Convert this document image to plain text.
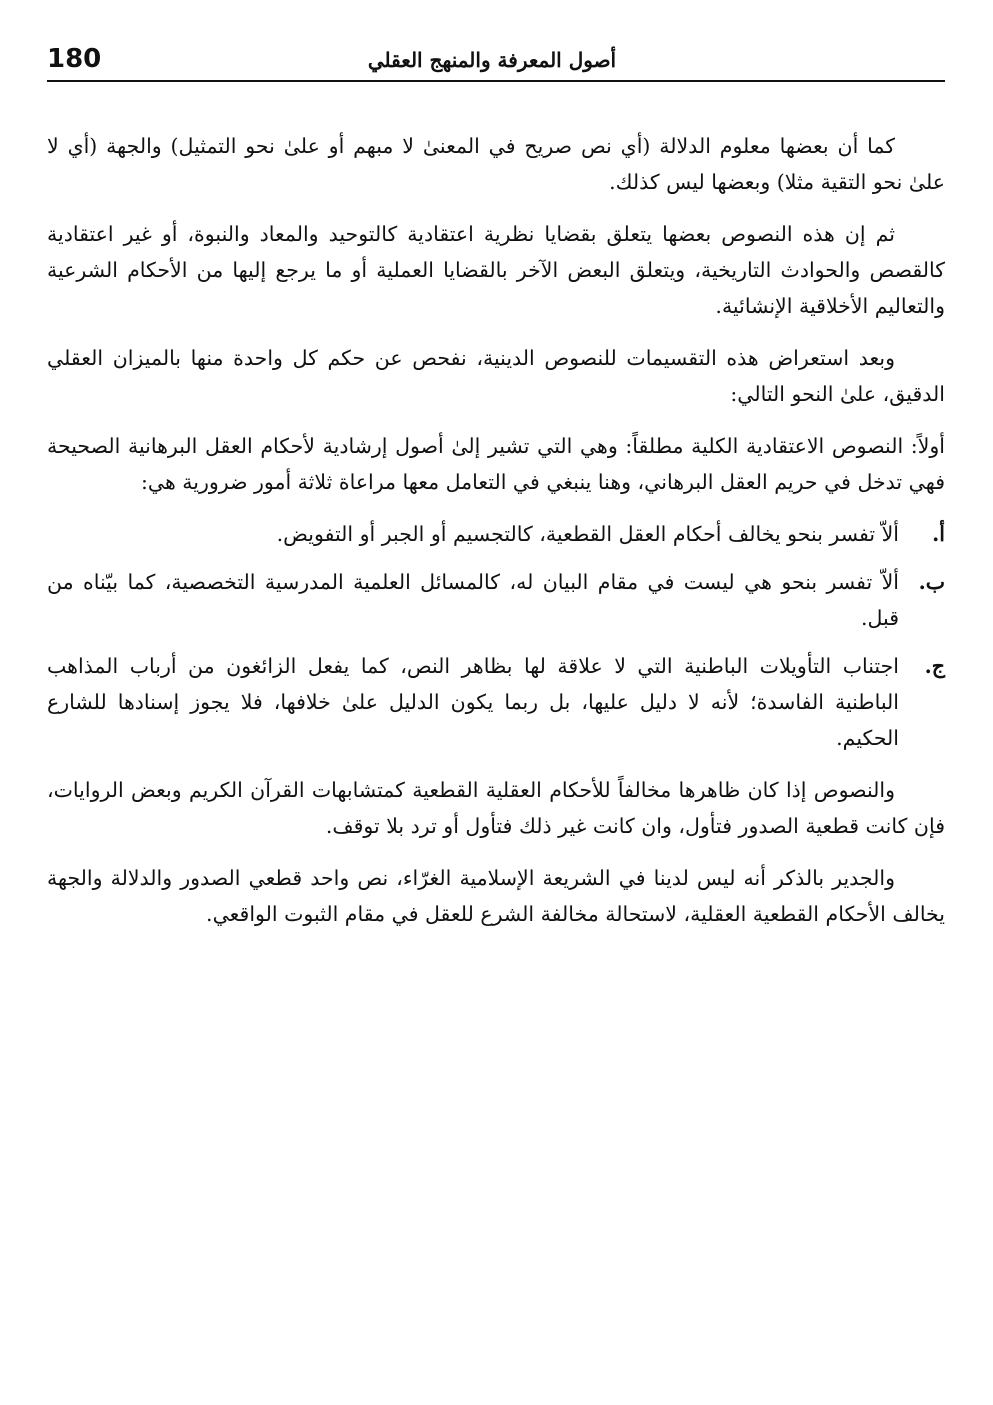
180	أصول المعرفة والمنهج العقلي

كما أن بعضها معلوم الدلالة (أي نص صريح في المعنىٰ لا مبهم أو علىٰ نحو التمثيل) والجهة (أي لا علىٰ نحو التقية مثلا) وبعضها ليس كذلك.

ثم إن هذه النصوص بعضها يتعلق بقضايا نظرية اعتقادية كالتوحيد والمعاد والنبوة، أو غير اعتقادية كالقصص والحوادث التاريخية، ويتعلق البعض الآخر بالقضايا العملية أو ما يرجع إليها من الأحكام الشرعية والتعاليم الأخلاقية الإنشائية.

وبعد استعراض هذه التقسيمات للنصوص الدينية، نفحص عن حكم كل واحدة منها بالميزان العقلي الدقيق، علىٰ النحو التالي:

أولاً: النصوص الاعتقادية الكلية مطلقاً: وهي التي تشير إلىٰ أصول إرشادية لأحكام العقل البرهانية الصحيحة فهي تدخل في حريم العقل البرهاني، وهنا ينبغي في التعامل معها مراعاة ثلاثة أمور ضرورية هي:

أ.
ألاّ تفسر بنحو يخالف أحكام العقل القطعية، كالتجسيم أو الجبر أو التفويض.
ب.
ألاّ تفسر بنحو هي ليست في مقام البيان له، كالمسائل العلمية المدرسية التخصصية، كما بيّناه من قبل.
ج.
اجتناب التأويلات الباطنية التي لا علاقة لها بظاهر النص، كما يفعل الزائغون من أرباب المذاهب الباطنية الفاسدة؛ لأنه لا دليل عليها، بل ربما يكون الدليل علىٰ خلافها، فلا يجوز إسنادها للشارع الحكيم.

والنصوص إذا كان ظاهرها مخالفاً للأحكام العقلية القطعية كمتشابهات القرآن الكريم وبعض الروايات، فإن كانت قطعية الصدور فتأول، وان كانت غير ذلك فتأول أو ترد بلا توقف.

والجدير بالذكر أنه ليس لدينا في الشريعة الإسلامية الغرّاء، نص واحد قطعي الصدور والدلالة والجهة يخالف الأحكام القطعية العقلية، لاستحالة مخالفة الشرع للعقل في مقام الثبوت الواقعي.
